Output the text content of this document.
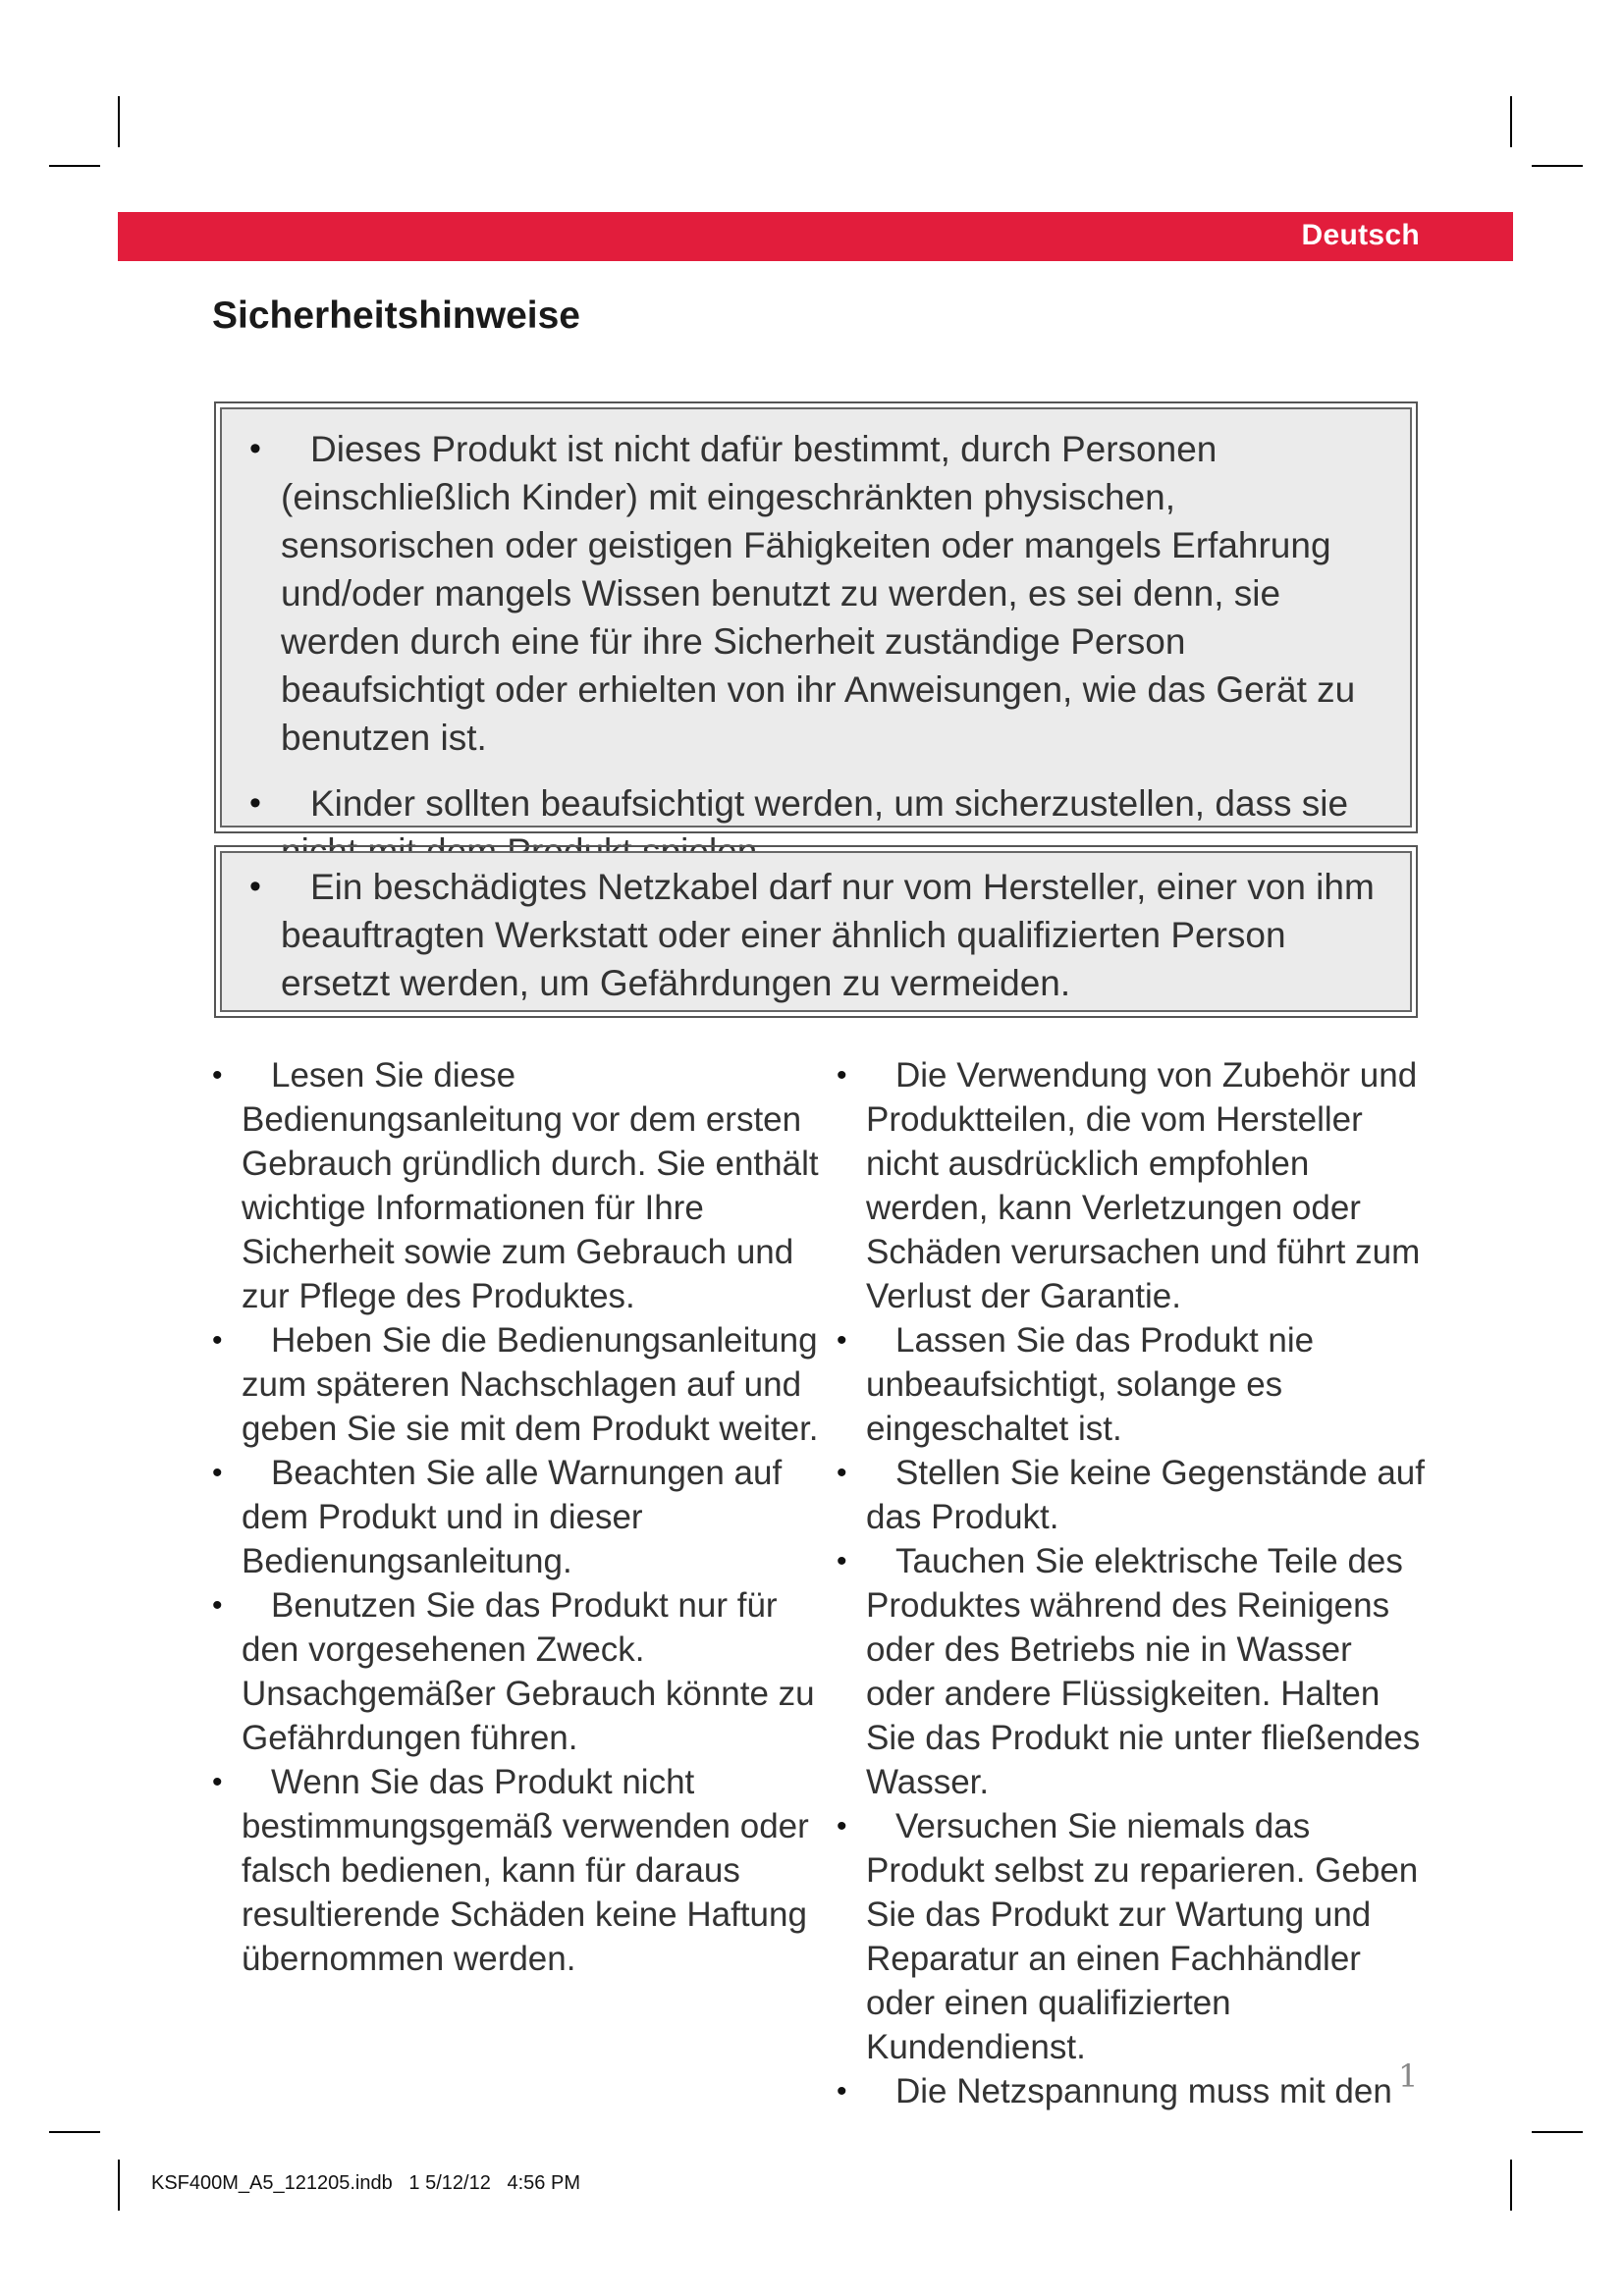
Deutsch
Sicherheitshinweise
•	Dieses Produkt ist nicht dafür bestimmt, durch Personen (einschließlich Kinder) mit eingeschränkten physischen, sensorischen oder geistigen Fähigkeiten oder mangels Erfahrung und/oder mangels Wissen benutzt zu werden, es sei denn, sie werden durch eine für ihre Sicherheit zuständige Person beaufsichtigt oder erhielten von ihr Anweisungen, wie das Gerät zu benutzen ist.
•	Kinder sollten beaufsichtigt werden, um sicherzustellen, dass sie
•	Ein beschädigtes Netzkabel darf nur vom Hersteller, einer von ihm beauftragten Werkstatt oder einer ähnlich qualifizierten Person ersetzt werden, um Gefährdungen zu vermeiden.
•	Lesen Sie diese Bedienungsanleitung vor dem ersten Gebrauch gründlich durch. Sie enthält wichtige Informationen für Ihre Sicherheit sowie zum Gebrauch und zur Pflege des Produktes.
•	Heben Sie die Bedienungsanleitung zum späteren Nachschlagen auf und geben Sie sie mit dem Produkt weiter.
•	Beachten Sie alle Warnungen auf dem Produkt und in dieser Bedienungsanleitung.
•	Benutzen Sie das Produkt nur für den vorgesehenen Zweck. Unsachgemäßer Gebrauch könnte zu Gefährdungen führen.
•	Wenn Sie das Produkt nicht bestimmungsgemäß verwenden oder falsch bedienen, kann für daraus resultierende Schäden keine Haftung übernommen werden.
•	Die Verwendung von Zubehör und Produktteilen, die vom Hersteller nicht ausdrücklich empfohlen werden, kann Verletzungen oder Schäden verursachen und führt zum Verlust der Garantie.
•	Lassen Sie das Produkt nie unbeaufsichtigt, solange es eingeschaltet ist.
•	Stellen Sie keine Gegenstände auf das Produkt.
•	Tauchen Sie elektrische Teile des Produktes während des Reinigens oder des Betriebs nie in Wasser oder andere Flüssigkeiten. Halten Sie das Produkt nie unter fließendes Wasser.
•	Versuchen Sie niemals das Produkt selbst zu reparieren. Geben Sie das Produkt zur Wartung und Reparatur an einen Fachhändler oder einen qualifizierten Kundendienst.
•	Die Netzspannung muss mit den 1
KSF400M_A5_121205.indb   1 5/12/12   4:56 PM
